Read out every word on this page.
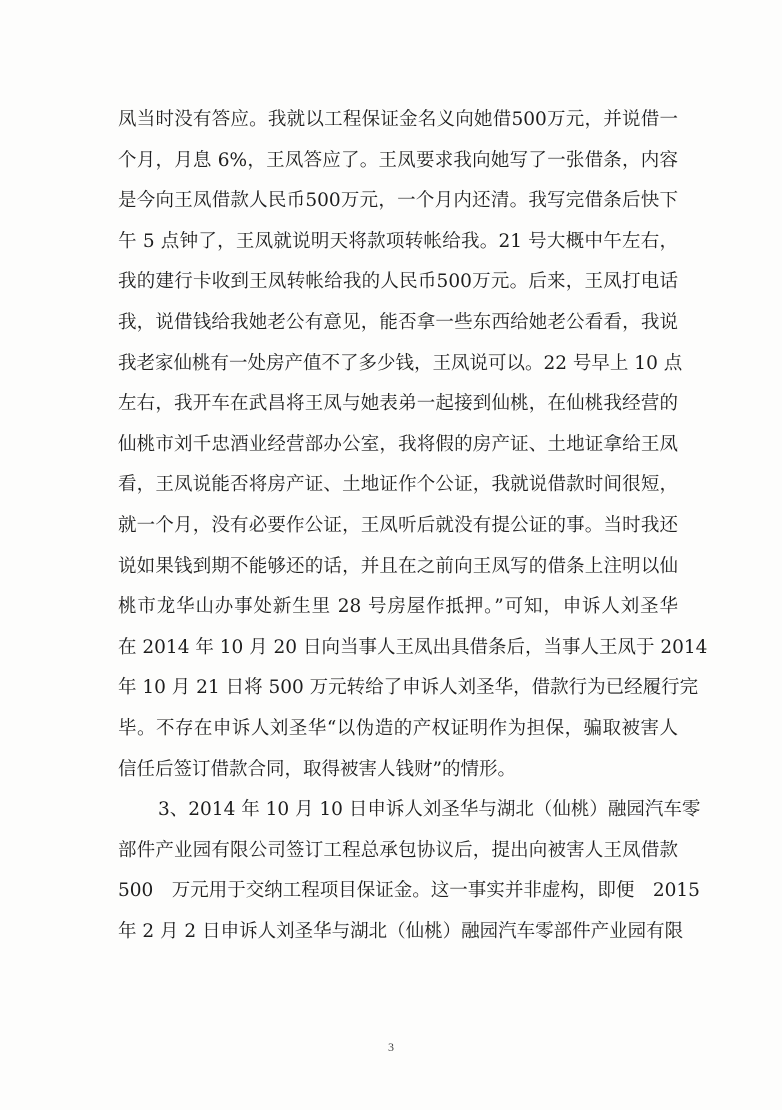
凤当时没有答应。我就以工程保证金名义向她借500万元，并说借一
个月，月息 6%，王凤答应了。王凤要求我向她写了一张借条，内容
是今向王凤借款人民币500万元，一个月内还清。我写完借条后快下
午 5 点钟了，王凤就说明天将款项转帐给我。21 号大概中午左右，
我的建行卡收到王凤转帐给我的人民币500万元。后来，王凤打电话
我，说借钱给我她老公有意见，能否拿一些东西给她老公看看，我说
我老家仙桃有一处房产值不了多少钱，王凤说可以。22 号早上 10 点
左右，我开车在武昌将王凤与她表弟一起接到仙桃，在仙桃我经营的
仙桃市刘千忠酒业经营部办公室，我将假的房产证、土地证拿给王凤
看，王凤说能否将房产证、土地证作个公证，我就说借款时间很短，
就一个月，没有必要作公证，王凤听后就没有提公证的事。当时我还
说如果钱到期不能够还的话，并且在之前向王凤写的借条上注明以仙
桃市龙华山办事处新生里 28 号房屋作抵押。”可知，申诉人刘圣华
在 2014 年 10 月 20 日向当事人王凤出具借条后，当事人王凤于 2014
年 10 月 21 日将 500 万元转给了申诉人刘圣华，借款行为已经履行完
毕。不存在申诉人刘圣华“以伪造的产权证明作为担保，骗取被害人
信任后签订借款合同，取得被害人钱财”的情形。
3、2014 年 10 月 10 日申诉人刘圣华与湖北（仙桃）融园汽车零
部件产业园有限公司签订工程总承包协议后，提出向被害人王凤借款
500　万元用于交纳工程项目保证金。这一事实并非虚构，即便　2015
年 2 月 2 日申诉人刘圣华与湖北（仙桃）融园汽车零部件产业园有限
3
